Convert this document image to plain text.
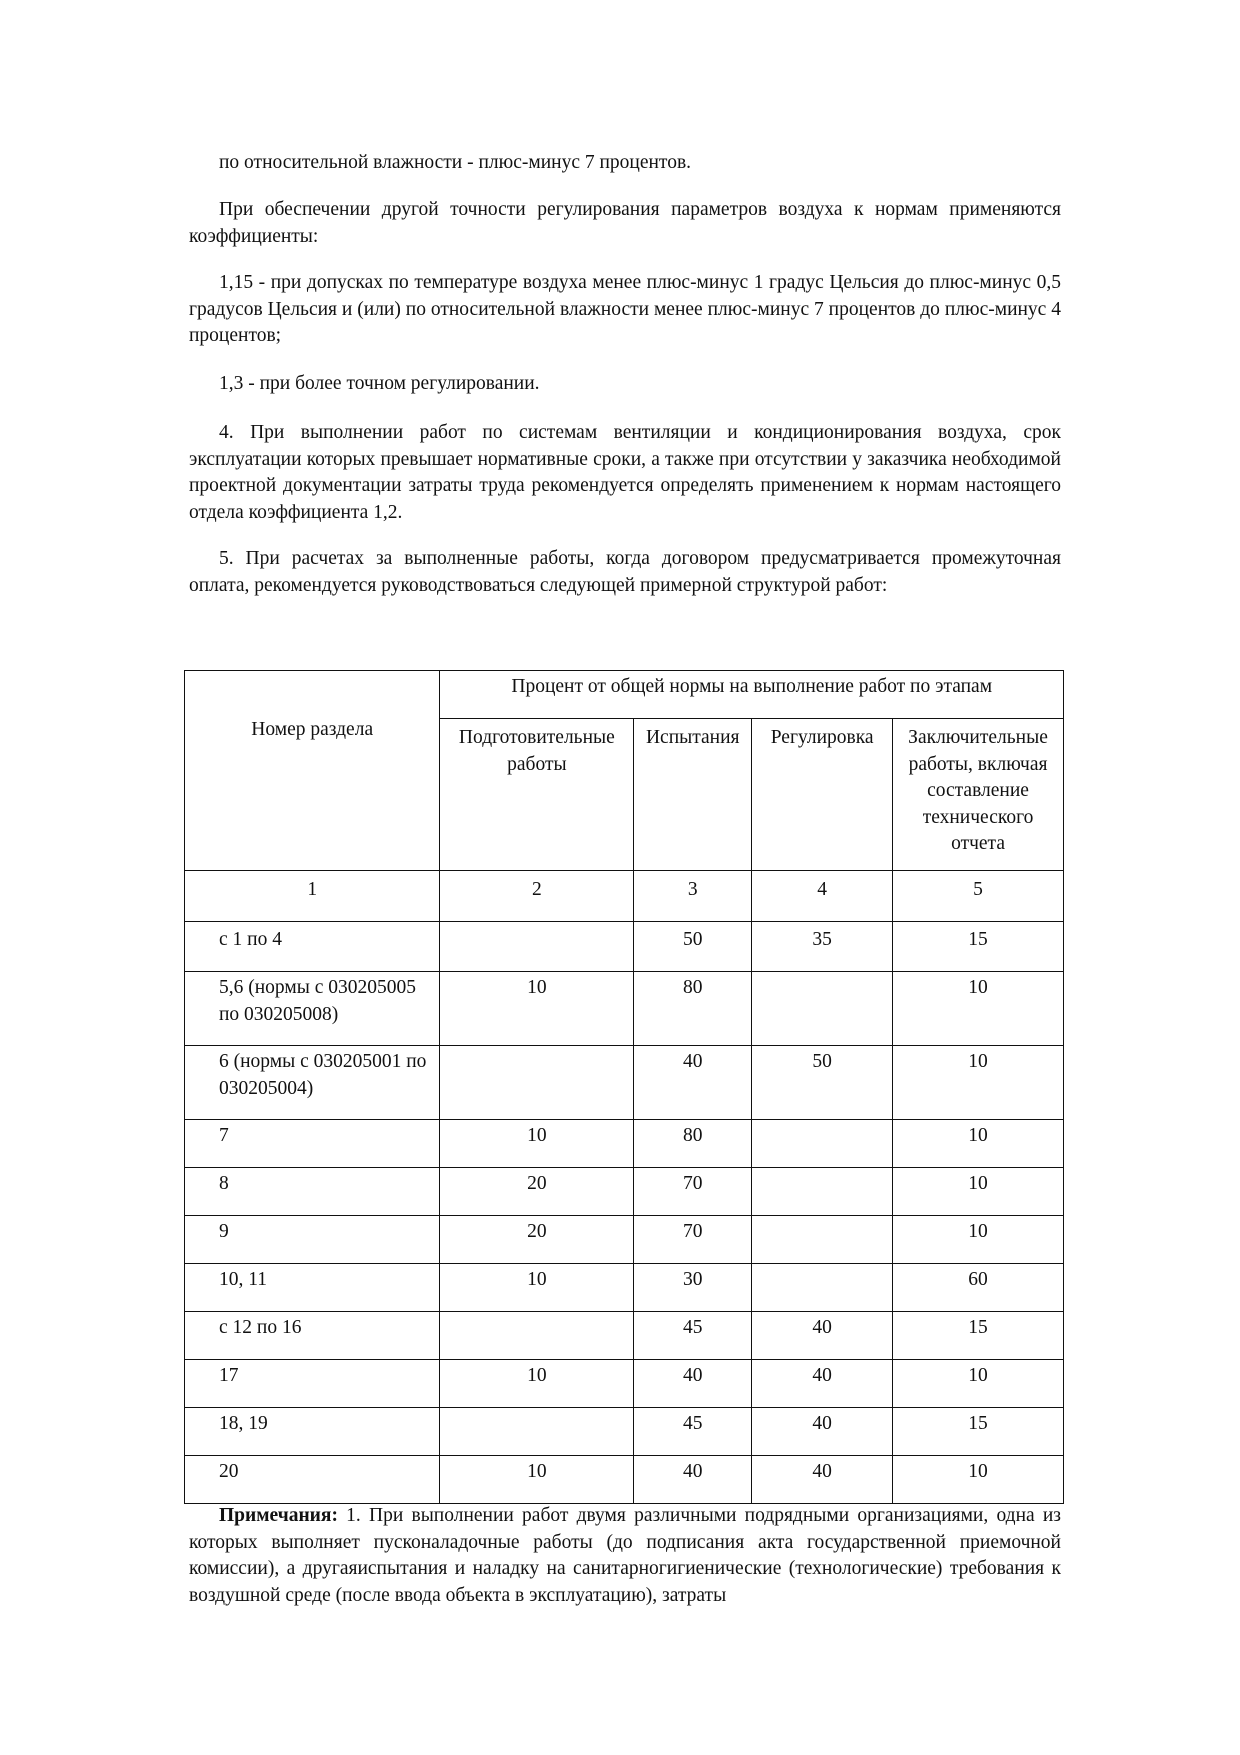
по относительной влажности - плюс-минус 7 процентов.

При обеспечении другой точности регулирования параметров воздуха к нормам применяются коэффициенты:

1,15 - при допусках по температуре воздуха менее плюс-минус 1 градус Цельсия до плюс-минус 0,5 градусов Цельсия и (или) по относительной влажности менее плюс-минус 7 процентов до плюс-минус 4 процентов;

1,3 - при более точном регулировании.

4. При выполнении работ по системам вентиляции и кондиционирования воздуха, срок эксплуатации которых превышает нормативные сроки, а также при отсутствии у заказчика необходимой проектной документации затраты труда рекомендуется определять применением к нормам настоящего отдела коэффициента 1,2.

5. При расчетах за выполненные работы, когда договором предусматривается промежуточная оплата, рекомендуется руководствоваться следующей примерной структурой работ:

Номер раздела	Процент от общей нормы на выполнение работ по этапам			
	Подготовительные работы	Испытания	Регулировка	Заключительные работы, включая составление технического отчета
1	2	3	4	5
с 1 по 4		50	35	15
5,6 (нормы с 030205005 по 030205008)	10	80		10
6 (нормы с 030205001 по 030205004)		40	50	10
7	10	80		10
8	20	70		10
9	20	70		10
10, 11	10	30		60
с 12 по 16		45	40	15
17	10	40	40	10
18, 19		45	40	15
20	10	40	40	10

Примечания: 1. При выполнении работ двумя различными подрядными организациями, одна из которых выполняет пусконаладочные работы (до подписания акта государственной приемочной комиссии), а другаяиспытания и наладку на санитарногигиенические (технологические) требования к воздушной среде (после ввода объекта в эксплуатацию), затраты
